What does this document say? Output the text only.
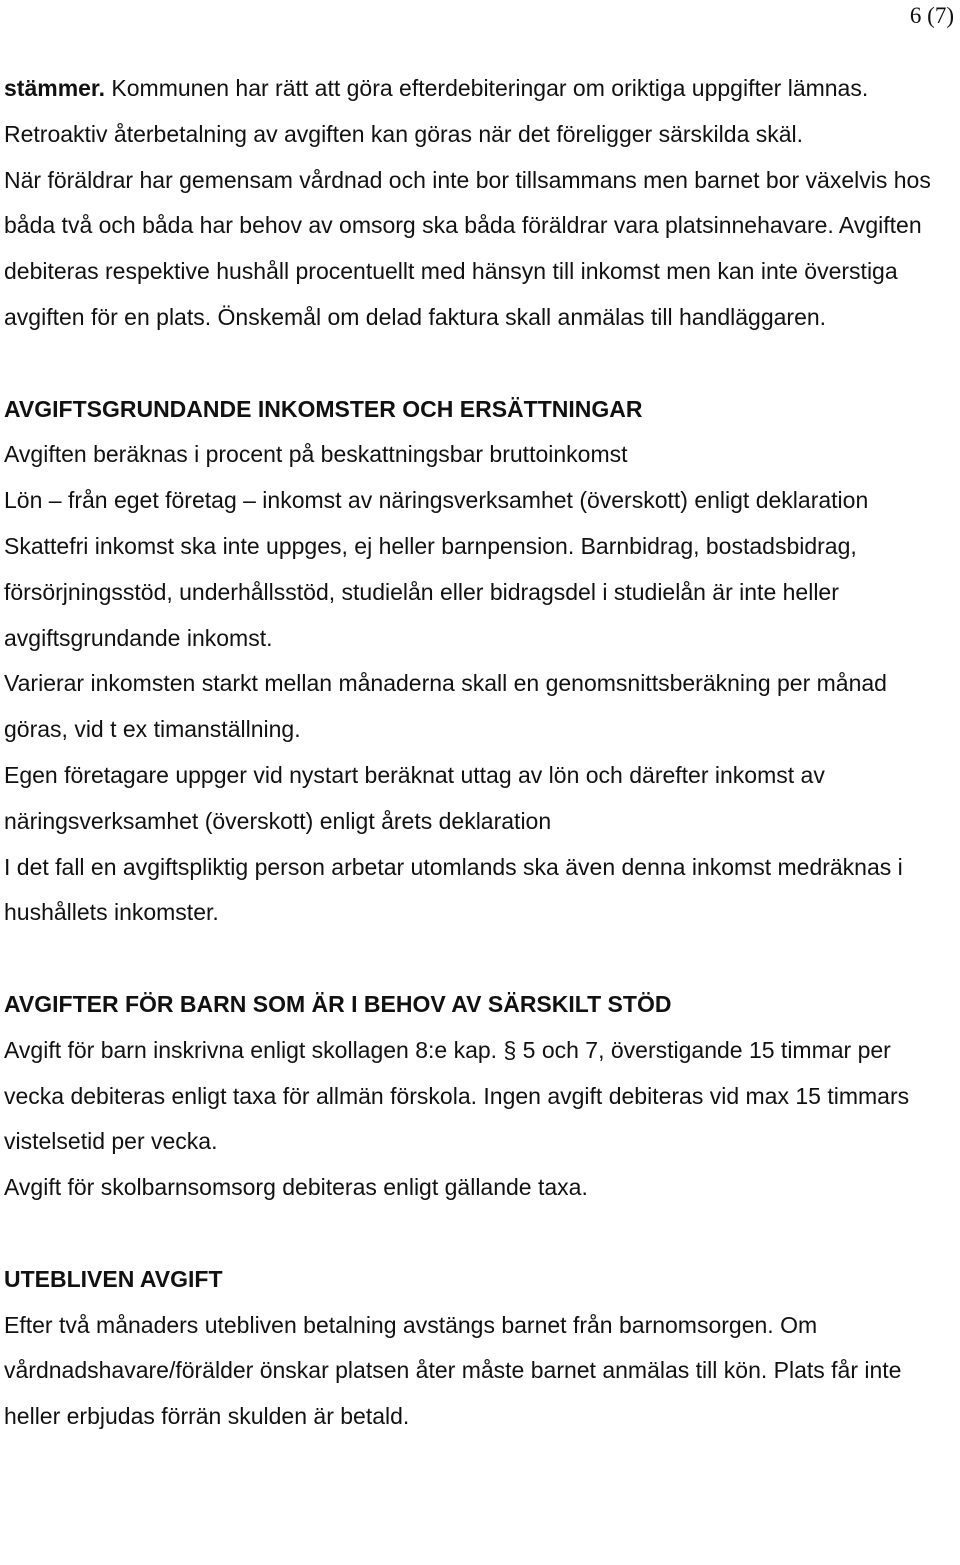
6 (7)

stämmer. Kommunen har rätt att göra efterdebiteringar om oriktiga uppgifter lämnas. Retroaktiv återbetalning av avgiften kan göras när det föreligger särskilda skäl.

När föräldrar har gemensam vårdnad och inte bor tillsammans men barnet bor växelvis hos båda två och båda har behov av omsorg ska båda föräldrar vara platsinnehavare. Avgiften debiteras respektive hushåll procentuellt med hänsyn till inkomst men kan inte överstiga avgiften för en plats. Önskemål om delad faktura skall anmälas till handläggaren.

AVGIFTSGRUNDANDE INKOMSTER OCH ERSÄTTNINGAR

Avgiften beräknas i procent på beskattningsbar bruttoinkomst

Lön – från eget företag – inkomst av näringsverksamhet (överskott) enligt deklaration

Skattefri inkomst ska inte uppges, ej heller barnpension. Barnbidrag, bostadsbidrag, försörjningsstöd, underhållsstöd, studielån eller bidragsdel i studielån är inte heller avgiftsgrundande inkomst.

Varierar inkomsten starkt mellan månaderna skall en genomsnittsberäkning per månad göras, vid t ex timanställning.

Egen företagare uppger vid nystart beräknat uttag av lön och därefter inkomst av näringsverksamhet (överskott) enligt årets deklaration

I det fall en avgiftspliktig person arbetar utomlands ska även denna inkomst medräknas i hushållets inkomster.

AVGIFTER FÖR BARN SOM ÄR I BEHOV AV SÄRSKILT STÖD

Avgift för barn inskrivna enligt skollagen 8:e kap. § 5 och 7, överstigande 15 timmar per vecka debiteras enligt taxa för allmän förskola. Ingen avgift debiteras vid max 15 timmars vistelsetid per vecka.

Avgift för skolbarnsomsorg debiteras enligt gällande taxa.

UTEBLIVEN AVGIFT

Efter två månaders utebliven betalning avstängs barnet från barnomsorgen. Om vårdnadshavare/förälder önskar platsen åter måste barnet anmälas till kön. Plats får inte heller erbjudas förrän skulden är betald.
